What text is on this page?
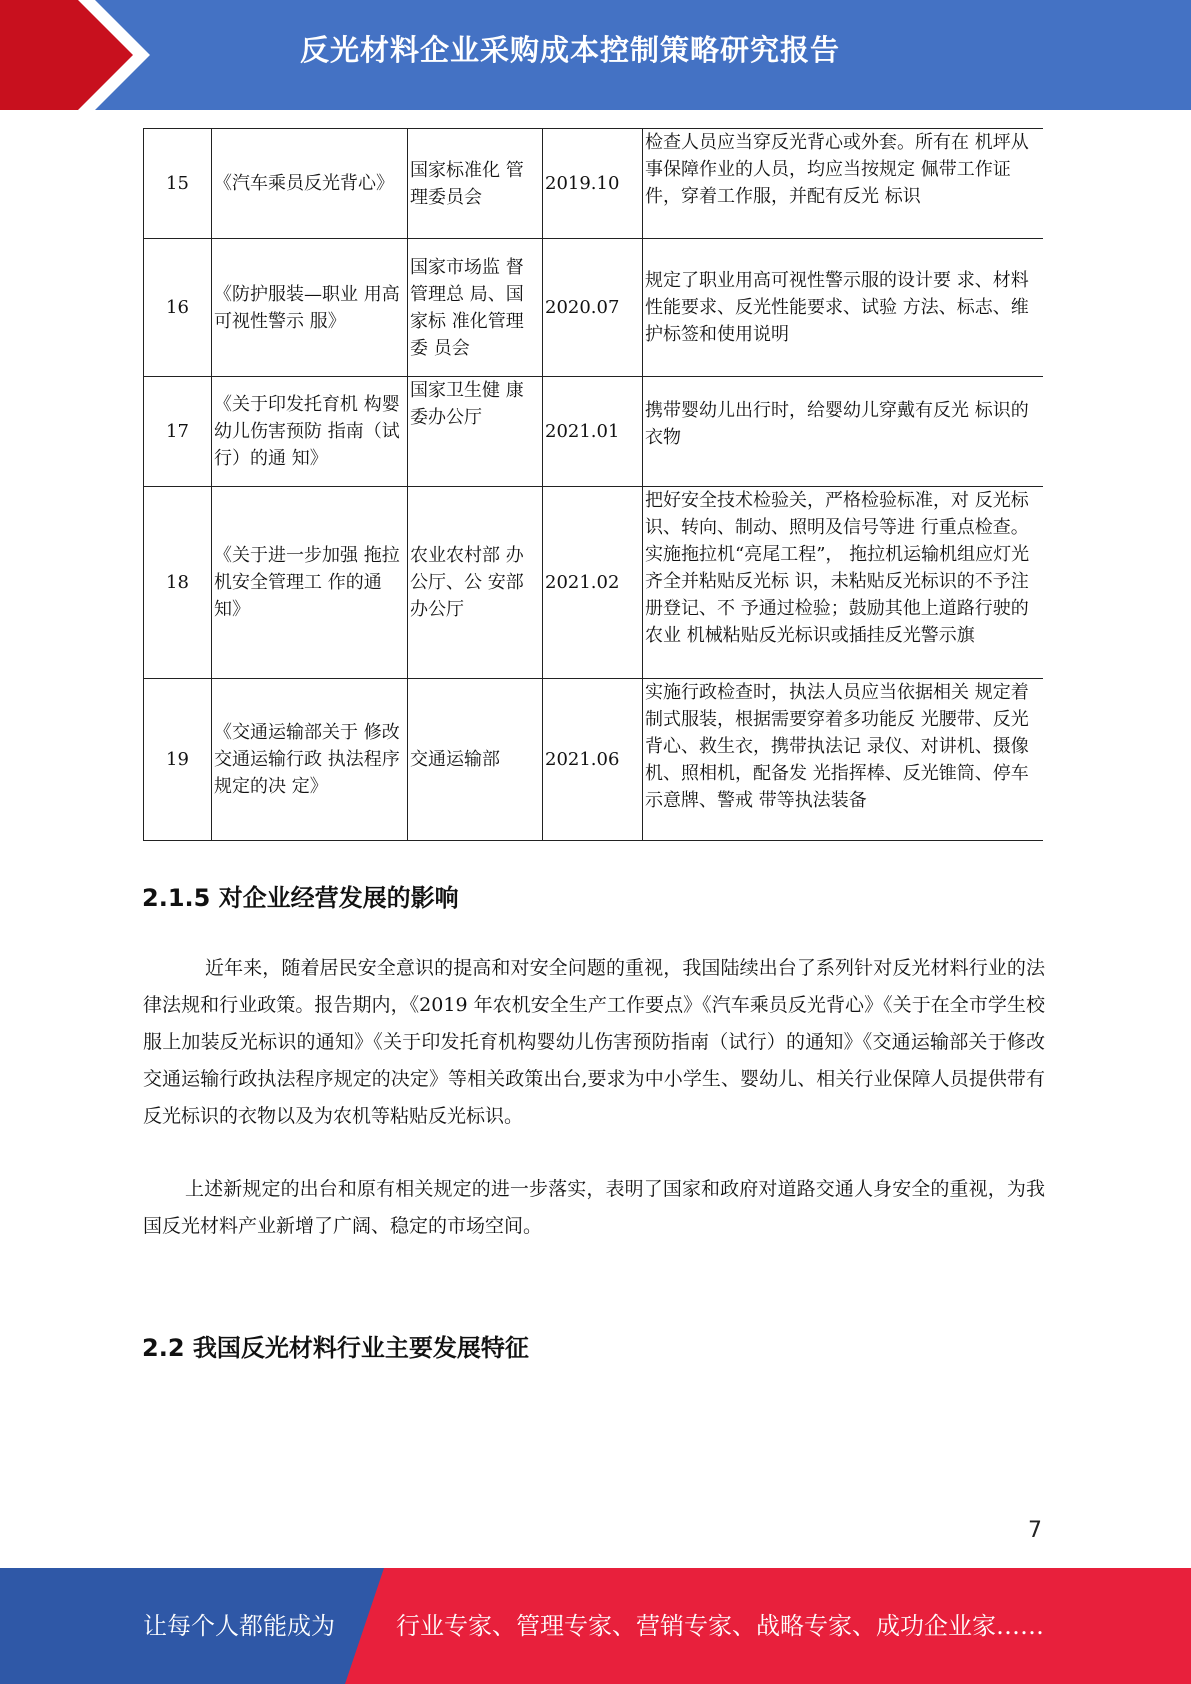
反光材料企业采购成本控制策略研究报告
15	《汽车乘员反光背心》	国家标准化 管理委员会	2019.10	检查人员应当穿反光背心或外套。所有在 机坪从事保障作业的人员，均应当按规定 佩带工作证件，穿着工作服，并配有反光 标识
16	《防护服装—职业 用高可视性警示 服》	国家市场监 督管理总 局、国家标 准化管理委 员会	2020.07	规定了职业用高可视性警示服的设计要 求、材料性能要求、反光性能要求、试验 方法、标志、维护标签和使用说明
17	《关于印发托育机 构婴幼儿伤害预防 指南（试行）的通 知》	国家卫生健 康委办公厅	2021.01	携带婴幼儿出行时，给婴幼儿穿戴有反光 标识的衣物
18	《关于进一步加强 拖拉机安全管理工 作的通知》	农业农村部 办公厅、公 安部办公厅	2021.02	把好安全技术检验关，严格检验标准，对 反光标识、转向、制动、照明及信号等进 行重点检查。实施拖拉机“亮尾工程”， 拖拉机运输机组应灯光齐全并粘贴反光标 识，未粘贴反光标识的不予注册登记、不 予通过检验；鼓励其他上道路行驶的农业 机械粘贴反光标识或插挂反光警示旗
19	《交通运输部关于 修改交通运输行政 执法程序规定的决 定》	交通运输部	2021.06	实施行政检查时，执法人员应当依据相关 规定着制式服装，根据需要穿着多功能反 光腰带、反光背心、救生衣，携带执法记 录仪、对讲机、摄像机、照相机，配备发 光指挥棒、反光锥筒、停车示意牌、警戒 带等执法装备
2.1.5 对企业经营发展的影响
近年来，随着居民安全意识的提高和对安全问题的重视，我国陆续出台了系列针对反光材料行业的法律法规和行业政策。报告期内，《2019 年农机安全生产工作要点》《汽车乘员反光背心》《关于在全市学生校服上加装反光标识的通知》《关于印发托育机构婴幼儿伤害预防指南（试行）的通知》《交通运输部关于修改交通运输行政执法程序规定的决定》等相关政策出台,要求为中小学生、婴幼儿、相关行业保障人员提供带有反光标识的衣物以及为农机等粘贴反光标识。
上述新规定的出台和原有相关规定的进一步落实，表明了国家和政府对道路交通人身安全的重视，为我国反光材料产业新增了广阔、稳定的市场空间。
2.2 我国反光材料行业主要发展特征
7
让每个人都能成为	行业专家、管理专家、营销专家、战略专家、成功企业家……
